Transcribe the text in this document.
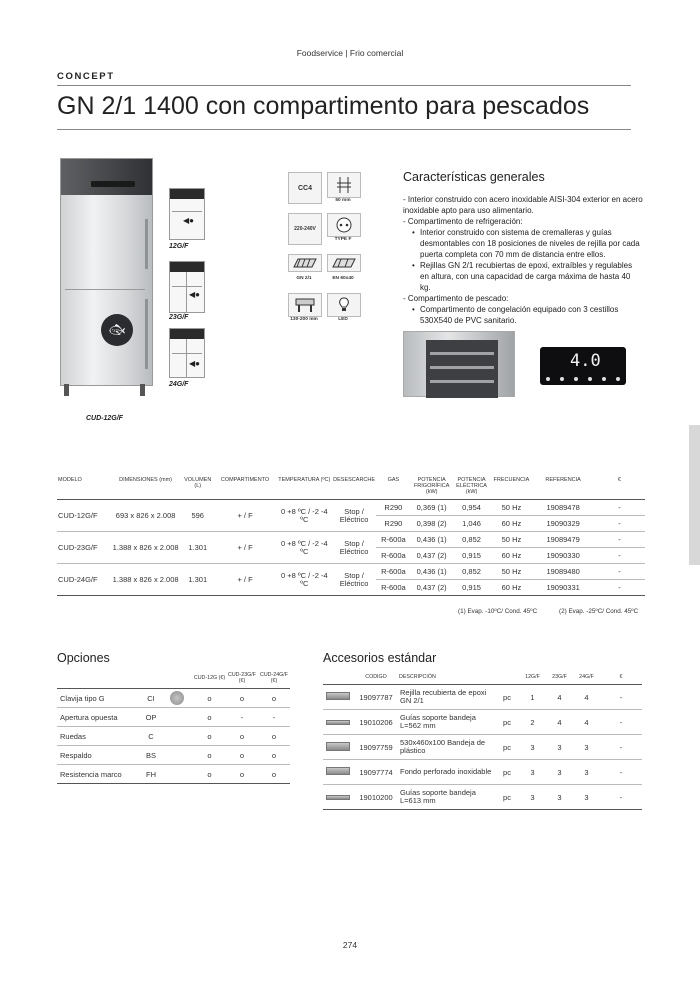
Foodservice | Frio comercial
CONCEPT
GN 2/1 1400 con compartimento para pescados
🐟︎
CUD-12G/F
◀●
12G/F
◀●
23G/F
◀●
24G/F
CC4
50 mm
220-240V
TYPE F
GN 2/1	EN 60x40
130-200 mm	LED
Características generales
- Interior construido con acero inoxidable AISI-304 exterior en acero inoxidable apto para uso alimentario.
- Compartimento de refrigeración:
• Interior construido con sistema de cremalleras y guías desmontables con 18 posiciones de niveles de rejilla por cada puerta completa con 70 mm de distancia entre ellos.
• Rejillas GN 2/1 recubiertas de epoxi, extraíbles y regulables en altura, con una capacidad de carga máxima de hasta 40 kg.
- Compartimento de pescado:
• Compartimento de congelación equipado con 3 cestillos 530X540 de PVC sanitario.
4.0
MODELO	DIMENSIONES (mm)	VOLUMEN (L)	COMPARTIMENTO	TEMPERATURA (ºC)	DESESCARCHE	GAS	POTENCIA FRIGORÍFICA (kW)	POTENCIA ELÉCTRICA (kW)	FRECUENCIA	REFERENCIA	€
CUD-12G/F	693 x 826 x 2.008	596	+ / F	0 +8 ºC / -2 -4 ºC	Stop / Eléctrico	R290	0,369 (1)	0,954	50 Hz	19089478	-
						R290	0,398 (2)	1,046	60 Hz	19090329	-
CUD-23G/F	1.388 x 826 x 2.008	1.301	+ / F	0 +8 ºC / -2 -4 ºC	Stop / Eléctrico	R-600a	0,436 (1)	0,852	50 Hz	19089479	-
						R-600a	0,437 (2)	0,915	60 Hz	19090330	-
CUD-24G/F	1.388 x 826 x 2.008	1.301	+ / F	0 +8 ºC / -2 -4 ºC	Stop / Eléctrico	R-600a	0,436 (1)	0,852	50 Hz	19089480	-
						R-600a	0,437 (2)	0,915	60 Hz	19090331	-
(1) Evap. -10ºC/ Cond. 45ºC	(2) Evap. -25ºC/ Cond. 45ºC
Opciones
			CUD-12G (€)	CUD-23G/F (€)	CUD-24G/F (€)
Clavija tipo G	CI		o	o	o
Apertura opuesta	OP		o	-	-
Ruedas	C		o	o	o
Respaldo	BS		o	o	o
Resistencia marco	FH		o	o	o
Accesorios estándar
	CODIGO	DESCRIPCIÓN		12G/F	23G/F	24G/F	€
	19097787	Rejilla recubierta de epoxi GN 2/1	pc	1	4	4	-
	19010206	Guías soporte bandeja L=562 mm	pc	2	4	4	-
	19097759	530x460x100 Bandeja de plástico	pc	3	3	3	-
	19097774	Fondo perforado inoxidable	pc	3	3	3	-
	19010200	Guías soporte bandeja L=613 mm	pc	3	3	3	-
274
